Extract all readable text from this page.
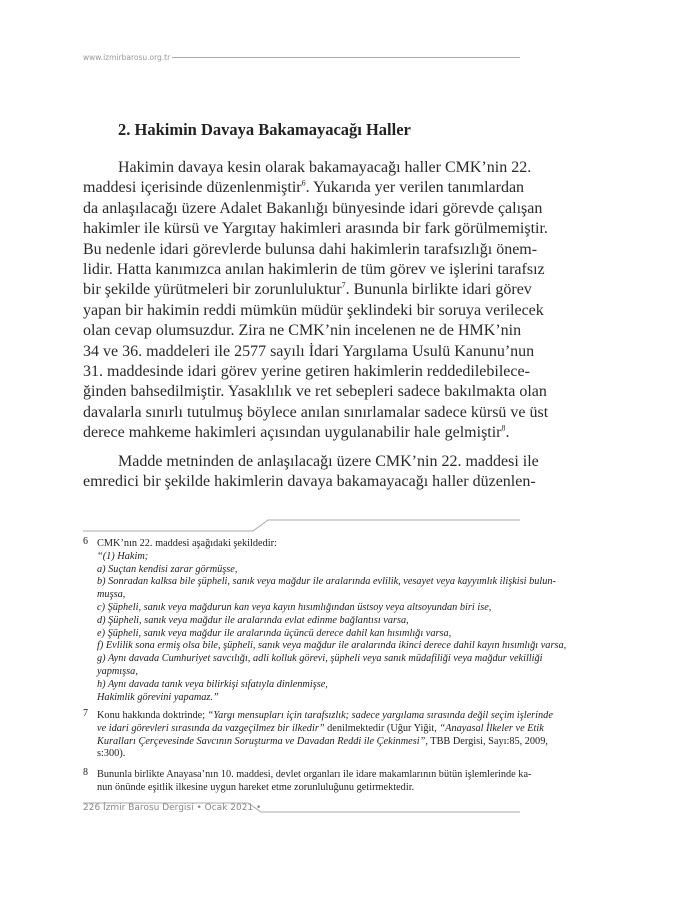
www.izmirbarosu.org.tr
2. Hakimin Davaya Bakamayacağı Haller
Hakimin davaya kesin olarak bakamayacağı haller CMK’nin 22.
maddesi içerisinde düzenlenmiştir$^6$. Yukarıda yer verilen tanımlardan
da anlaşılacağı üzere Adalet Bakanlığı bünyesinde idari görevde çalışan
hakimler ile kürsü ve Yargıtay hakimleri arasında bir fark görülmemiştir.
Bu nedenle idari görevlerde bulunsa dahi hakimlerin tarafsızlığı önem-
lidir. Hatta kanımızca anılan hakimlerin de tüm görev ve işlerini tarafsız
bir şekilde yürütmeleri bir zorunluluktur$^7$. Bununla birlikte idari görev
yapan bir hakimin reddi mümkün müdür şeklindeki bir soruya verilecek
olan cevap olumsuzdur. Zira ne CMK’nin incelenen ne de HMK’nin
34 ve 36. maddeleri ile 2577 sayılı İdari Yargılama Usulü Kanunu’nun
31. maddesinde idari görev yerine getiren hakimlerin reddedilebilece-
ğinden bahsedilmiştir. Yasaklılık ve ret sebepleri sadece bakılmakta olan
davalarla sınırlı tutulmuş böylece anılan sınırlamalar sadece kürsü ve üst
derece mahkeme hakimleri açısından uygulanabilir hale gelmiştir$^8$.
Madde metninden de anlaşılacağı üzere CMK’nin 22. maddesi ile
emredici bir şekilde hakimlerin davaya bakamayacağı haller düzenlen-
6 CMK’nın 22. maddesi aşağıdaki şekildedir:
“(1) Hakim;
a) Suçtan kendisi zarar görmüşse,
b) Sonradan kalksa bile şüpheli, sanık veya mağdur ile aralarında evlilik, vesayet veya kayyımlık ilişkisi bulun-
muşsa,
c) Şüpheli, sanık veya mağdurun kan veya kayın hısımlığından üstsoy veya altsoyundan biri ise,
d) Şüpheli, sanık veya mağdur ile aralarında evlat edinme bağlantısı varsa,
e) Şüpheli, sanık veya mağdur ile aralarında üçüncü derece dahil kan hısımlığı varsa,
f) Evlilik sona ermiş olsa bile, şüpheli, sanık veya mağdur ile aralarında ikinci derece dahil kayın hısımlığı varsa,
g) Aynı davada Cumhuriyet savcılığı, adli kolluk görevi, şüpheli veya sanık müdafiliği veya mağdur vekilliği
yapmışsa,
h) Aynı davada tanık veya bilirkişi sıfatıyla dinlenmişse,
Hakimlik görevini yapamaz.”
7 Konu hakkında doktrinde; “Yargı mensupları için tarafsızlık; sadece yargılama sırasında değil seçim işlerinde
ve idari görevleri sırasında da vazgeçilmez bir ilkedir” denilmektedir (Uğur Yiğit, “Anayasal İlkeler ve Etik
Kuralları Çerçevesinde Savcının Soruşturma ve Davadan Reddi ile Çekinmesi”, TBB Dergisi, Sayı:85, 2009,
s:300).
8 Bununla birlikte Anayasa’nın 10. maddesi, devlet organları ile idare makamlarının bütün işlemlerinde ka-
nun önünde eşitlik ilkesine uygun hareket etme zorunluluğunu getirmektedir.
226 İzmir Barosu Dergisi • Ocak 2021 •
